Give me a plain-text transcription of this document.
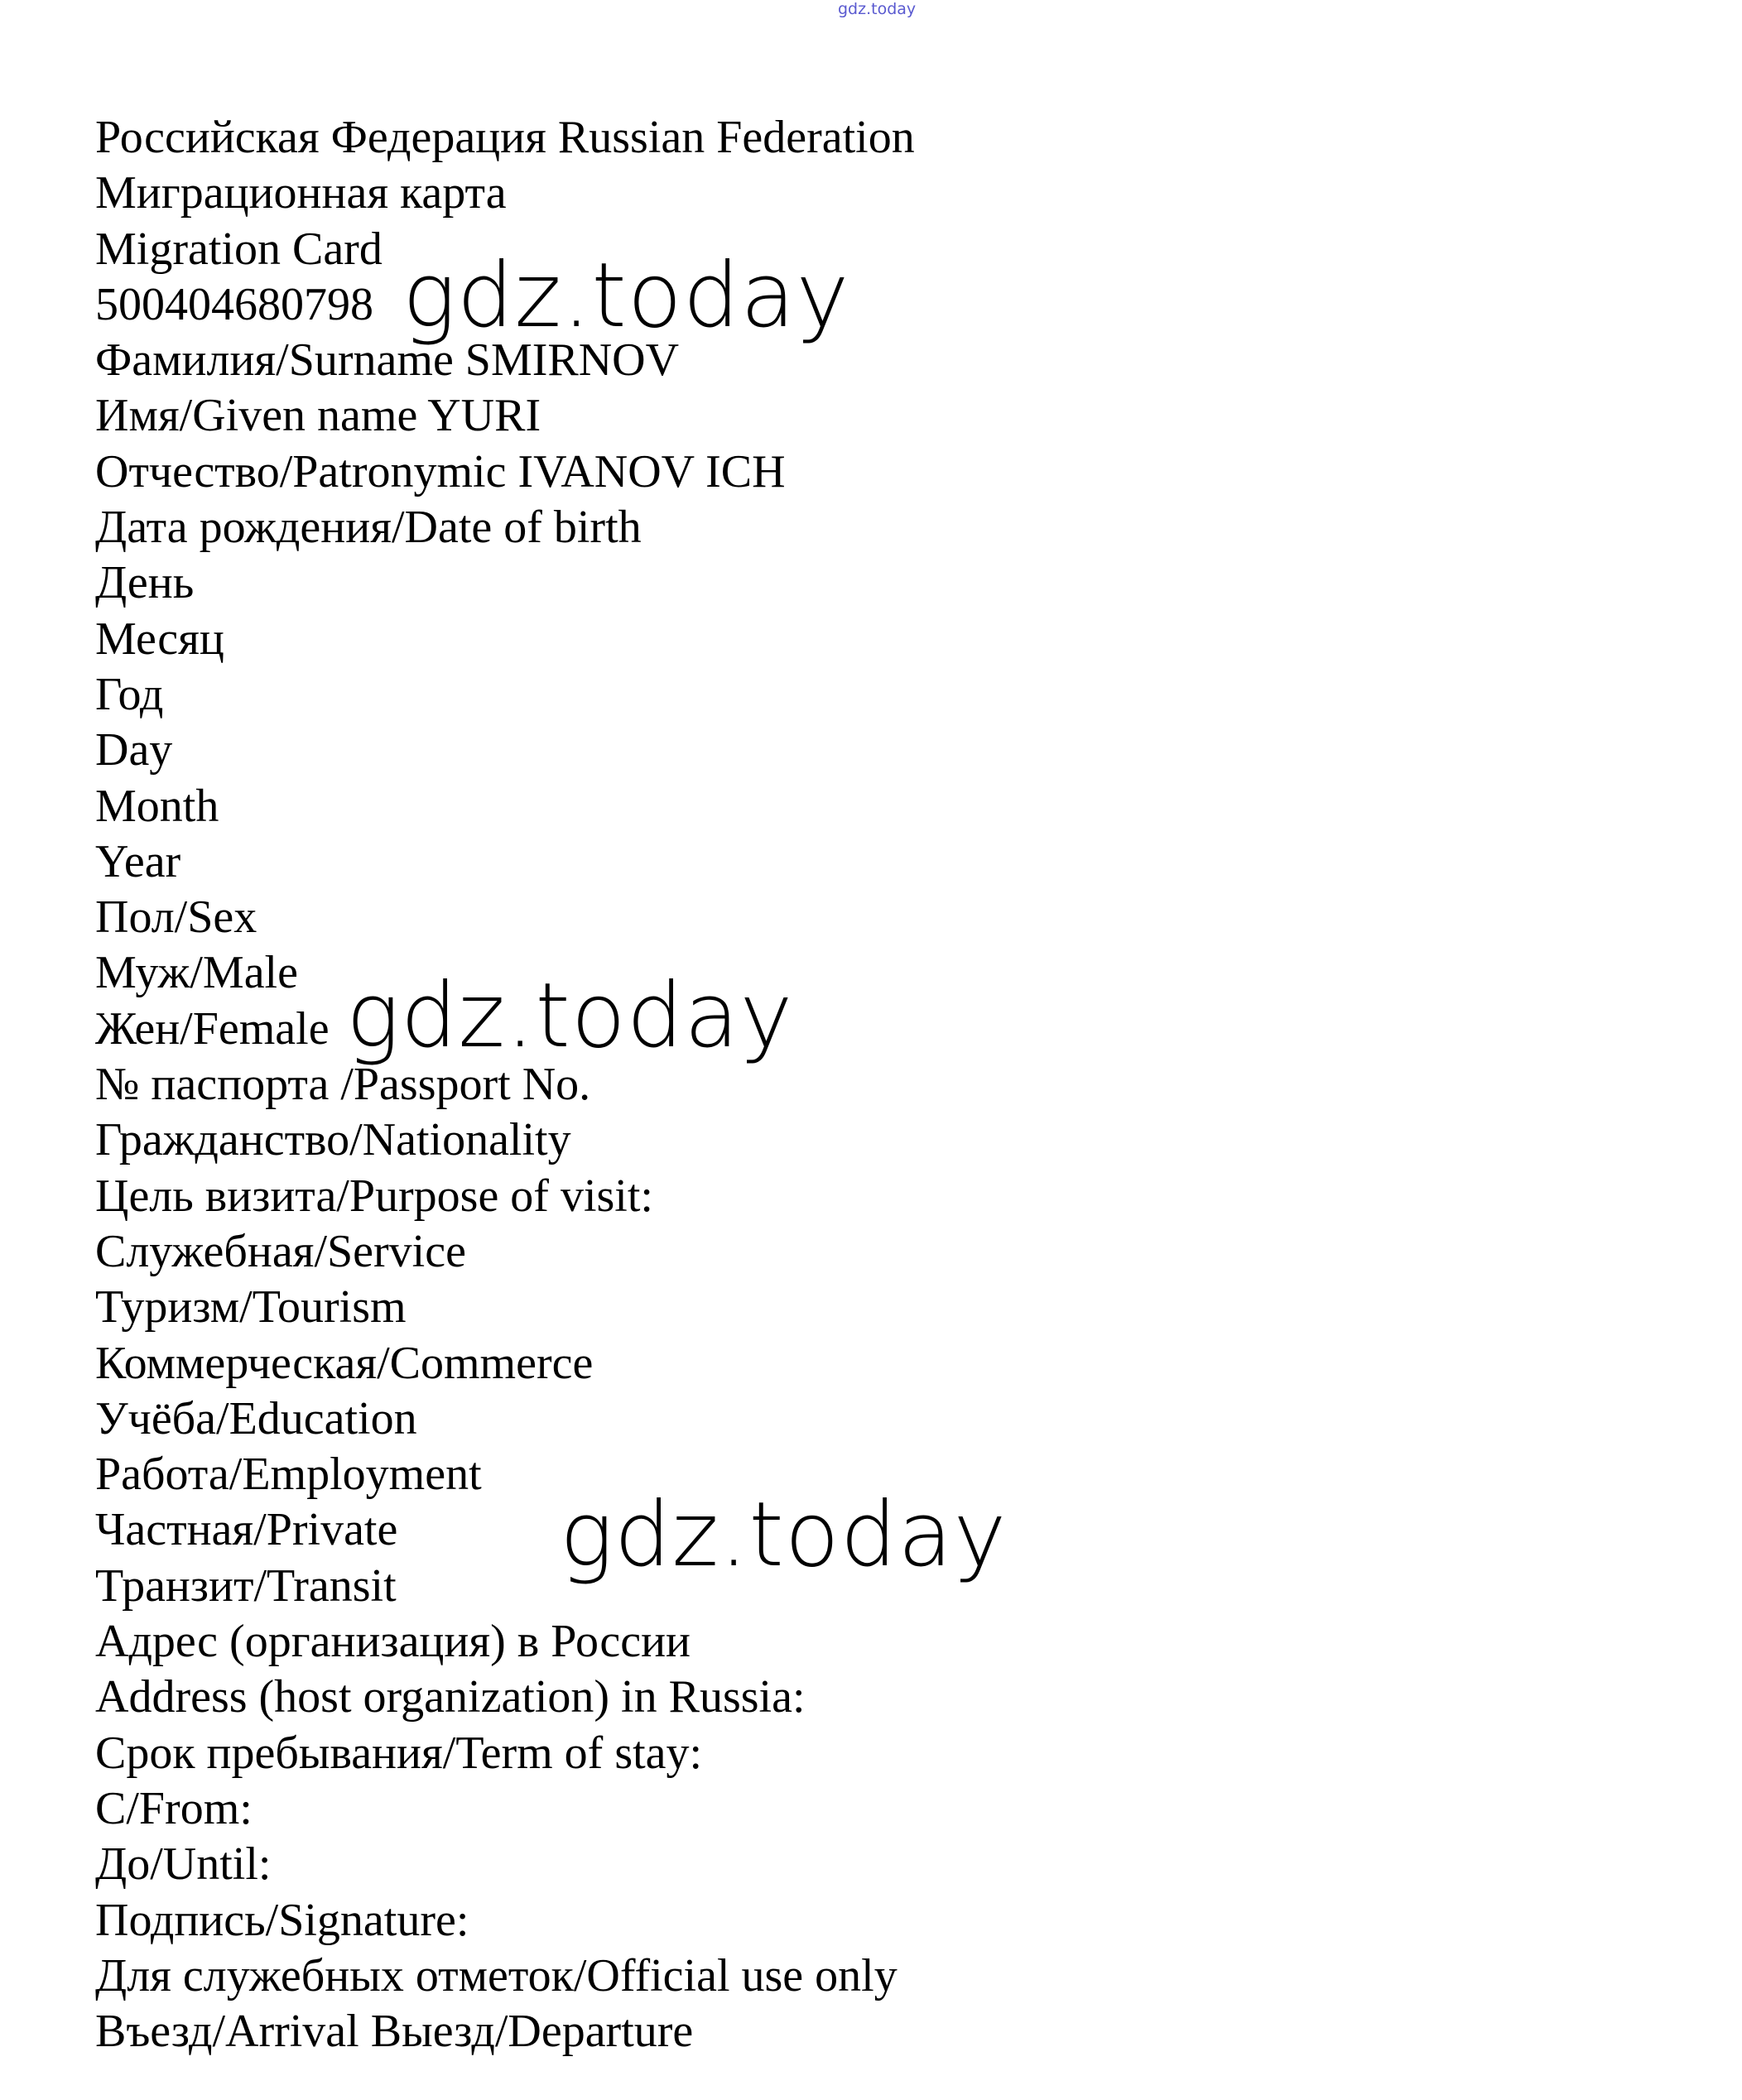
gdz.today
Российская Федерация Russian Federation
Миграционная карта
Migration Card
500404680798
Фамилия/Surname SMIRNOV
Имя/Given name YURI
Отчество/Patronymic IVANOV ICH
Дата рождения/Date of birth
День
Месяц
Год
Day
Month
Year
Пол/Sex
Муж/Male
Жен/Female
№ паспорта /Passport No.
Гражданство/Nationality
Цель визита/Purpose of visit:
Служебная/Service
Туризм/Tourism
Коммерческая/Commerce
Учёба/Education
Работа/Employment
Частная/Private
Транзит/Transit
Адрес (организация) в России
Address (host organization) in Russia:
Срок пребывания/Term of stay:
С/From:
До/Until:
Подпись/Signature:
Для служебных отметок/Official use only
Въезд/Arrival Выезд/Departure
gdz.today
gdz.today
gdz.today
